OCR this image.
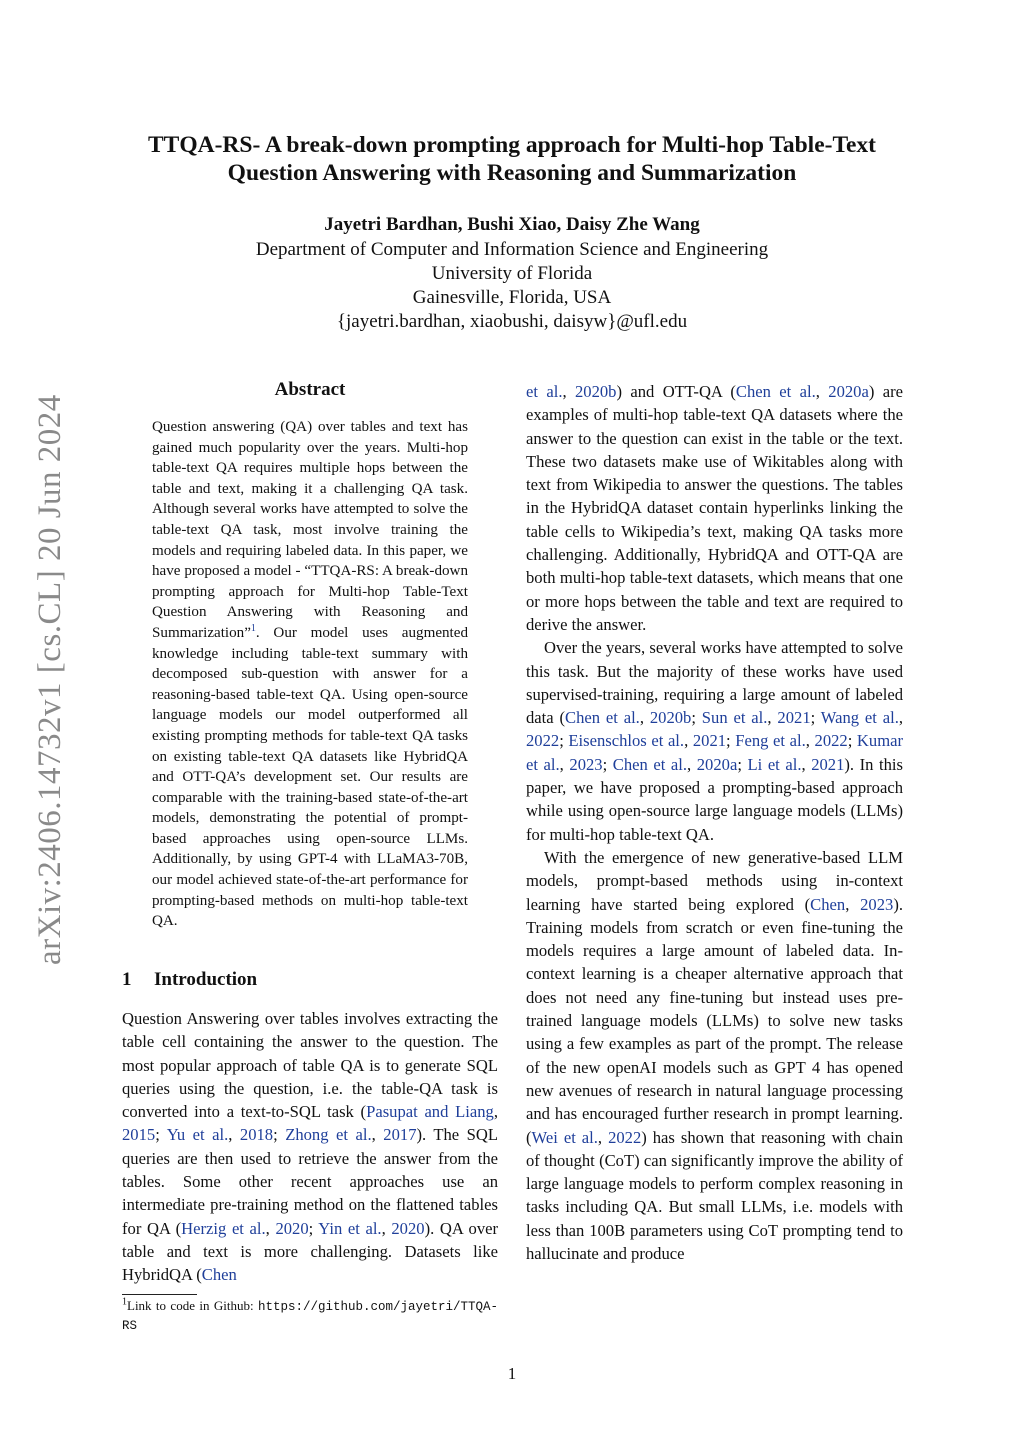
arXiv:2406.14732v1 [cs.CL] 20 Jun 2024
TTQA-RS- A break-down prompting approach for Multi-hop Table-Text
Question Answering with Reasoning and Summarization
Jayetri Bardhan, Bushi Xiao, Daisy Zhe Wang
Department of Computer and Information Science and Engineering
University of Florida
Gainesville, Florida, USA
{jayetri.bardhan, xiaobushi, daisyw}@ufl.edu
Abstract
Question answering (QA) over tables and text has gained much popularity over the years. Multi-hop table-text QA requires multiple hops between the table and text, making it a challenging QA task. Although several works have attempted to solve the table-text QA task, most involve training the models and requiring labeled data. In this paper, we have proposed a model - “TTQA-RS: A break-down prompting approach for Multi-hop Table-Text Question Answering with Reasoning and Summarization”$^1$. Our model uses augmented knowledge including table-text summary with decomposed sub-question with answer for a reasoning-based table-text QA. Using open-source language models our model outperformed all existing prompting methods for table-text QA tasks on existing table-text QA datasets like HybridQA and OTT-QA’s development set. Our results are comparable with the training-based state-of-the-art models, demonstrating the potential of prompt-based approaches using open-source LLMs. Additionally, by using GPT-4 with LLaMA3-70B, our model achieved state-of-the-art performance for prompting-based methods on multi-hop table-text QA.
1 Introduction
Question Answering over tables involves extracting the table cell containing the answer to the question. The most popular approach of table QA is to generate SQL queries using the question, i.e. the table-QA task is converted into a text-to-SQL task (Pasupat and Liang, 2015; Yu et al., 2018; Zhong et al., 2017). The SQL queries are then used to retrieve the answer from the tables. Some other recent approaches use an intermediate pre-training method on the flattened tables for QA (Herzig et al., 2020; Yin et al., 2020). QA over table and text is more challenging. Datasets like HybridQA (Chen
$^1$Link to code in Github: https://github.com/jayetri/TTQA-RS

et al., 2020b) and OTT-QA (Chen et al., 2020a) are examples of multi-hop table-text QA datasets where the answer to the question can exist in the table or the text. These two datasets make use of Wikitables along with text from Wikipedia to answer the questions. The tables in the HybridQA dataset contain hyperlinks linking the table cells to Wikipedia’s text, making QA tasks more challenging. Additionally, HybridQA and OTT-QA are both multi-hop table-text datasets, which means that one or more hops between the table and text are required to derive the answer.

Over the years, several works have attempted to solve this task. But the majority of these works have used supervised-training, requiring a large amount of labeled data (Chen et al., 2020b; Sun et al., 2021; Wang et al., 2022; Eisenschlos et al., 2021; Feng et al., 2022; Kumar et al., 2023; Chen et al., 2020a; Li et al., 2021). In this paper, we have proposed a prompting-based approach while using open-source large language models (LLMs) for multi-hop table-text QA.

With the emergence of new generative-based LLM models, prompt-based methods using in-context learning have started being explored (Chen, 2023). Training models from scratch or even fine-tuning the models requires a large amount of labeled data. In-context learning is a cheaper alternative approach that does not need any fine-tuning but instead uses pre-trained language models (LLMs) to solve new tasks using a few examples as part of the prompt. The release of the new openAI models such as GPT 4 has opened new avenues of research in natural language processing and has encouraged further research in prompt learning. (Wei et al., 2022) has shown that reasoning with chain of thought (CoT) can significantly improve the ability of large language models to perform complex reasoning in tasks including QA. But small LLMs, i.e. models with less than 100B parameters using CoT prompting tend to hallucinate and produce

1
